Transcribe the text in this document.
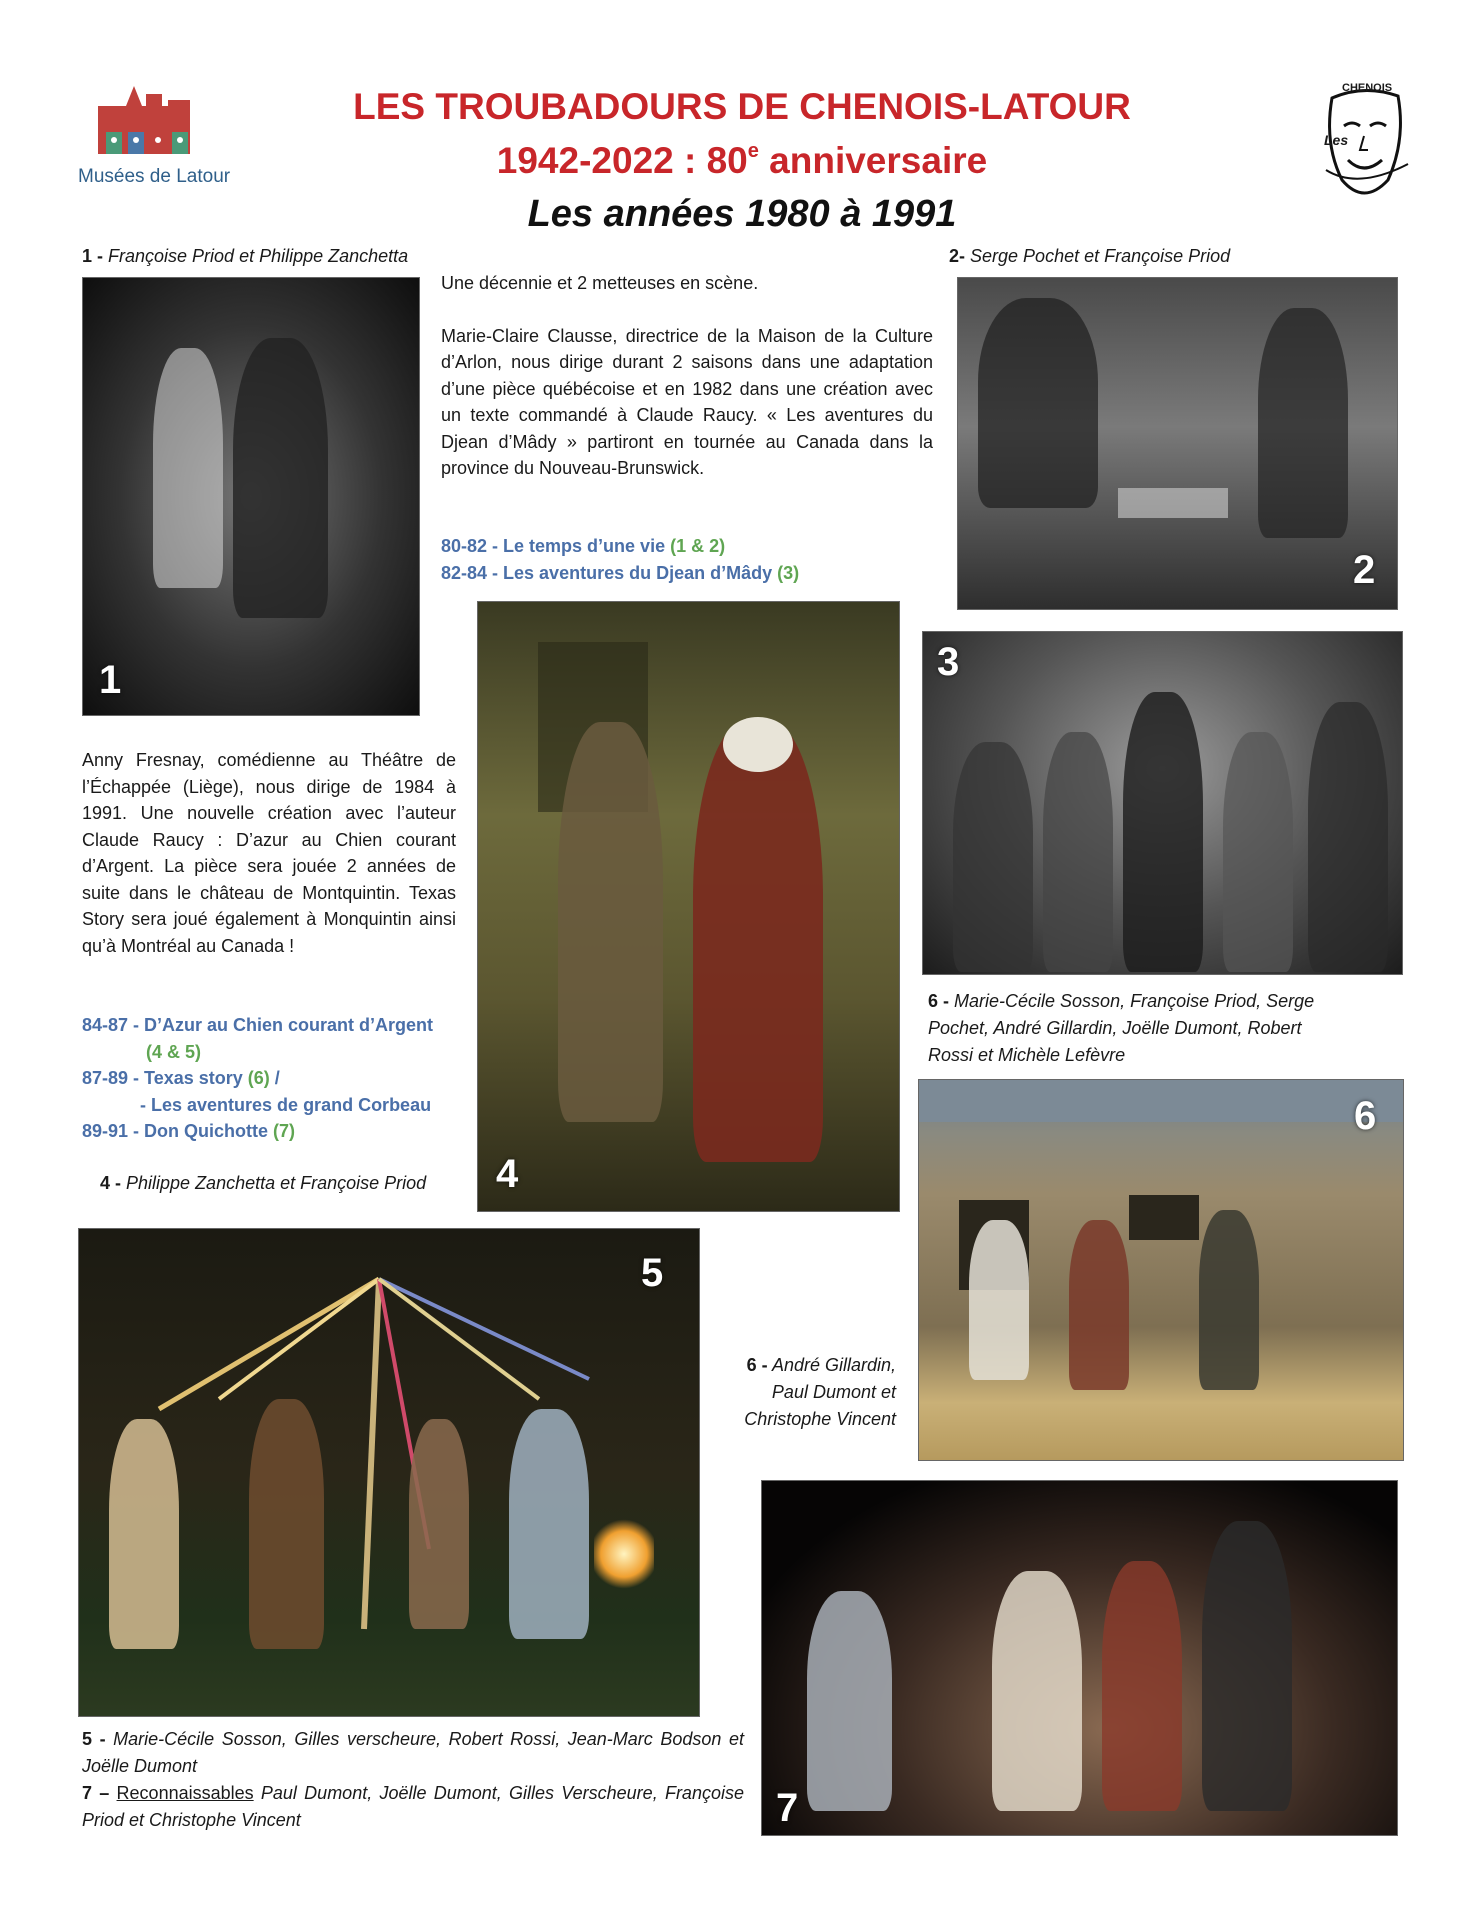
Musées de Latour
CHENOIS
Les
LES TROUBADOURS DE CHENOIS-LATOUR
1942-2022 : 80e anniversaire
Les années 1980 à 1991
1 - Françoise Priod et Philippe Zanchetta	2- Serge Pochet et Françoise Priod
1

Une décennie et 2 metteuses en scène.

Marie-Claire Clausse, directrice de la Maison de la Culture d’Arlon, nous dirige durant 2 saisons dans une adaptation d’une pièce québécoise et en 1982 dans une création avec un texte commandé à Claude Raucy. « Les aventures du Djean d’Mâdy » partiront en tournée au Canada dans la province du Nouveau-Brunswick.

80-82 - Le temps d’une vie (1 & 2)
82-84 - Les aventures du Djean d’Mâdy (3)	2
4
3
6 - Marie-Cécile Sosson, Françoise Priod, Serge Pochet, André Gillardin, Joëlle Dumont, Robert Rossi et Michèle Lefèvre
Anny Fresnay, comédienne au Théâtre de l’Échappée (Liège), nous dirige de 1984 à 1991. Une nouvelle création avec l’auteur Claude Raucy : D’azur au Chien courant d’Argent. La pièce sera jouée 2 années de suite dans le château de Montquintin. Texas Story sera joué également à Monquintin ainsi qu’à Montréal au Canada !
84-87 - D’Azur au Chien courant d’Argent
(4 & 5)
87-89 - Texas story (6) /
- Les aventures de grand Corbeau
89-91 - Don Quichotte (7)
4 - Philippe Zanchetta et Françoise Priod
6
5
6 - André Gillardin,
Paul Dumont et
Christophe Vincent
7
5 - Marie-Cécile Sosson, Gilles verscheure, Robert Rossi, Jean-Marc Bodson et Joëlle Dumont
7 – Reconnaissables Paul Dumont, Joëlle Dumont, Gilles Verscheure, Françoise Priod et Christophe Vincent
